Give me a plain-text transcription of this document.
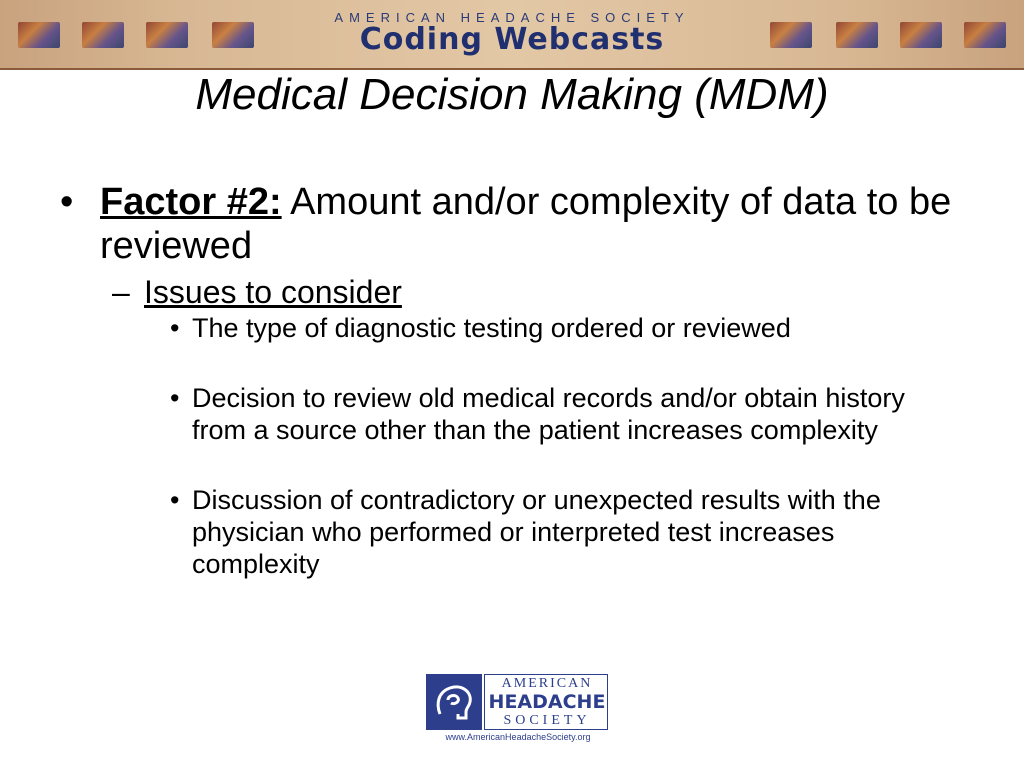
AMERICAN HEADACHE SOCIETY
Coding Webcasts
Medical Decision Making (MDM)
• Factor #2: Amount and/or complexity of data to be reviewed
– Issues to consider
• The type of diagnostic testing ordered or reviewed
• Decision to review old medical records and/or obtain history from a source other than the patient increases complexity
• Discussion of contradictory or unexpected results with the physician who performed or interpreted test increases complexity
AMERICAN
HEADACHE
SOCIETY
www.AmericanHeadacheSociety.org
